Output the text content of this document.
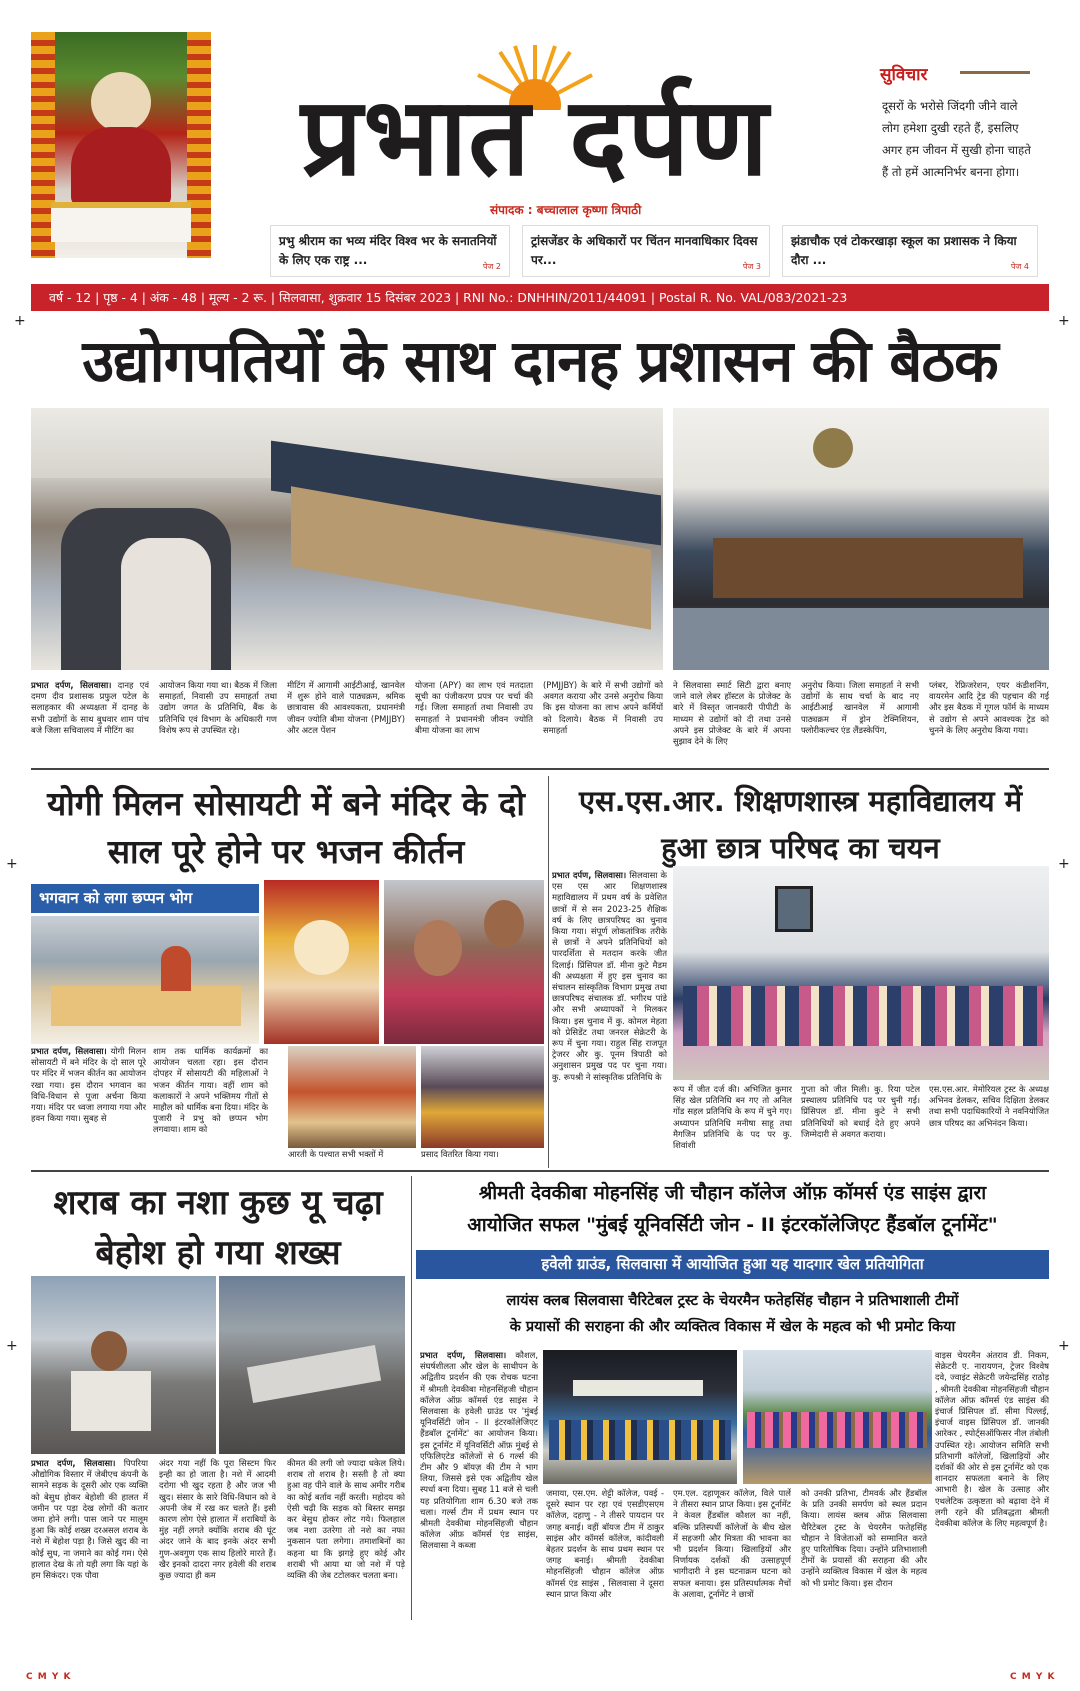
प्रभात दर्पण
संपादक : बच्चालाल कृष्णा त्रिपाठी
सुविचार
दूसरों के भरोसे जिंदगी जीने वाले लोग हमेशा दुखी रहते हैं, इसलिए अगर हम जीवन में सुखी होना चाहते हैं तो हमें आत्मनिर्भर बनना होगा।
प्रभु श्रीराम का भव्य मंदिर विश्व भर के सनातनियों के लिए एक राष्ट्र ...	पेज 2
ट्रांसजेंडर के अधिकारों पर चिंतन मानवाधिकार दिवस पर...	पेज 3
झंडाचौक एवं टोकरखाड़ा स्कूल का प्रशासक ने किया दौरा ...	पेज 4
वर्ष - 12 | पृष्ठ - 4 | अंक - 48 | मूल्य - 2 रू. | सिलवासा, शुक्रवार 15 दिसंबर 2023 | RNI No.: DNHHIN/2011/44091 | Postal R. No. VAL/083/2021-23
+	+
उद्योगपतियों के साथ दानह प्रशासन की बैठक
प्रभात दर्पण, सिलवासा। दानह एवं दमण दीव प्रशासक प्रफुल पटेल के सलाहकार की अध्यक्षता में दानह के सभी उद्योगों के साथ बुधवार शाम पांच बजे जिला सचिवालय में मीटिंग का
आयोजन किया गया था। बैठक में जिला समाहर्ता, निवासी उप समाहर्ता तथा उद्योग जगत के प्रतिनिधि, बैंक के प्रतिनिधि एवं विभाग के अधिकारी गण विशेष रूप से उपस्थित रहे।
मीटिंग में आगामी आईटीआई, खानवेल में शुरू होने वाले पाठ्यक्रम, श्रमिक छात्रावास की आवश्यकता, प्रधानमंत्री जीवन ज्योति बीमा योजना (PMJJBY) और अटल पेंशन
योजना (APY) का लाभ एवं मतदाता सूची का पंजीकरण प्रपत्र पर चर्चा की गई। जिला समाहर्ता तथा निवासी उप समाहर्ता ने प्रधानमंत्री जीवन ज्योति बीमा योजना का लाभ
(PMJJBY) के बारे में सभी उद्योगों को अवगत कराया और उनसे अनुरोध किया कि इस योजना का लाभ अपने कर्मियों को दिलाये। बैठक में निवासी उप समाहर्ता
ने सिलवासा स्मार्ट सिटी द्वारा बनाए जाने वाले लेबर हॉस्टल के प्रोजेक्ट के बारे में विस्तृत जानकारी पीपीटी के माध्यम से उद्योगों को दी तथा उनसे अपने इस प्रोजेक्ट के बारे में अपना सुझाव देने के लिए
अनुरोध किया। जिला समाहर्ता ने सभी उद्योगों के साथ चर्चा के बाद नए आईटीआई खानवेल में आगामी पाठ्यक्रम में ड्रोन टेक्निशियन, फ्लोरीकल्चर एंड लैंडस्केपिंग,
प्लंबर, रेफ्रिजरेशन, एयर कंडीशनिंग, वायरमेन आदि ट्रेड की पहचान की गई और इस बैठक में गूगल फॉर्म के माध्यम से उद्योग से अपने आवश्यक ट्रेड को चुनने के लिए अनुरोध किया गया।
योगी मिलन सोसायटी में बने मंदिर के दो साल पूरे होने पर भजन कीर्तन
+	+
भगवान को लगा छप्पन भोग
प्रभात दर्पण, सिलवासा। योगी मिलन सोसायटी में बने मंदिर के दो साल पूरे पर मंदिर में भजन कीर्तन का आयोजन रखा गया। इस दौरान भगवान का विधि-विधान से पूजा अर्चना किया गया। मंदिर पर ध्वजा लगाया गया और हवन किया गया। सुबह से
शाम तक धार्मिक कार्यक्रमों का आयोजन चलता रहा। इस दौरान दोपहर में सोसायटी की महिलाओं ने भजन कीर्तन गाया। वहीं शाम को कलाकारों ने अपने भक्तिमय गीतों से माहौल को धार्मिक बना दिया। मंदिर के पुजारी ने प्रभु को छप्पन भोग लगवाया। शाम को
आरती के पश्चात सभी भक्तों में	प्रसाद वितरित किया गया।
एस.एस.आर. शिक्षणशास्त्र महाविद्यालय में हुआ छात्र परिषद का चयन
प्रभात दर्पण, सिलवासा। सिलवासा के एस एस आर शिक्षणशास्त्र महाविद्यालय में प्रथम वर्ष के प्रवेशित छात्रों में से सन 2023-25 शैक्षिक वर्ष के लिए छात्रपरिषद का चुनाव किया गया। संपूर्ण लोकतांत्रिक तरीके से छात्रों ने अपने प्रतिनिधियों को पारदर्शिता से मतदान करके जीत दिलाई। प्रिंसिपल डॉ. मीना कुटे मैडम की अध्यक्षता में हुए इस चुनाव का संचालन सांस्कृतिक विभाग प्रमुख तथा छात्रपरिषद संचालक डॉ. भगीरथ पांडे और सभी अध्यापकों ने मिलकर किया। इस चुनाव में कु. कोमल मेहता को प्रेसिडेंट तथा जनरल सेक्रेटरी के रूप में चुना गया। राहुल सिंह राजपूत ट्रेजरर और कु. पूनम त्रिपाठी को अनुशासन प्रमुख पद पर चुना गया। कु. रूपश्री ने सांस्कृतिक प्रतिनिधि के
रूप में जीत दर्ज की। अभिजित कुमार सिंह खेल प्रतिनिधि बन गए तो अनिल गोंड सहल प्रतिनिधि के रूप में चुने गए। अध्यापन प्रतिनिधि मनीषा साहू तथा मैगजिन प्रतिनिधि के पद पर कु. शिवांशी
गुप्ता को जीत मिली। कु. रिया पटेल प्रस्थालय प्रतिनिधि पद पर चुनी गई। प्रिंसिपल डॉ. मीना कुटे ने सभी प्रतिनिधियों को बधाई देते हुए अपने जिम्मेदारी से अवगत कराया।
एस.एस.आर. मेमोरियल ट्रस्ट के अध्यक्ष अभिनव डेलकर, सचिव दिक्षिता डेलकर तथा सभी पदाधिकारियों ने नवनियोजित छात्र परिषद का अभिनंदन किया।
शराब का नशा कुछ यू चढ़ा बेहोश हो गया शख्स
+	+
प्रभात दर्पण, सिलवासा। पिपरिया औद्योगिक विस्तार में जेबीएच कंपनी के सामने सड़क के दूसरी ओर एक व्यक्ति को बेसुध होकर बेहोशी की हालत में जमीन पर पड़ा देख लोगों की कतार जमा होने लगी। पास जाने पर मालूम हुआ कि कोई शख्स दरअसल शराब के नशे में बेहोश पड़ा है। जिसे खुद की ना कोई सुध, ना जमाने का कोई गम। ऐसे हालात देख के तो यही लगा कि यहां के हम सिकंदर। एक पौवा
अंदर गया नहीं कि पूरा सिस्टम फिर इन्ही का हो जाता है। नशे में आदमी दरोगा भी खुद रहता है और जज भी खुद। संसार के सारे विधि-विधान को वे अपनी जेब में रख कर चलते हैं। इसी कारण लोग ऐसे हालात में शराबियों के मुंह नहीं लगते क्योंकि शराब की घूंट अंदर जाने के बाद इनके अंदर सभी गुण-अवगुण एक साथ हिलोरे मारते हैं। खैर इनको दादरा नगर हवेली की शराब कुछ ज्यादा ही कम
कीमत की लगी जो ज्यादा धकेल लिये। शराब तो शराब है। सस्ती है तो क्या हुआ वह पीने वाले के साथ अमीर गरीब का कोई बर्ताव नहीं करती। महोदय को ऐसी चढ़ी कि सड़क को बिस्तर समझ कर बेसुध होकर लोट गये। फिलहाल जब नशा उतरेगा तो नशे का नफा नुकसान पता लगेगा। तमाशबिनों का कहना था कि झगड़े हुए कोई और शराबी भी आया था जो नशे में पड़े व्यक्ति की जेब टटोलकर चलता बना।
श्रीमती देवकीबा मोहनसिंह जी चौहान कॉलेज ऑफ़ कॉमर्स एंड साइंस द्वारा
आयोजित सफल "मुंबई यूनिवर्सिटी जोन - II इंटरकॉलेजिएट हैंडबॉल टूर्नामेंट"
हवेली ग्राउंड, सिलवासा में आयोजित हुआ यह यादगार खेल प्रतियोगिता
लायंस क्लब सिलवासा चैरिटेबल ट्रस्ट के चेयरमैन फतेहसिंह चौहान ने प्रतिभाशाली टीमों
के प्रयासों की सराहना की और व्यक्तित्व विकास में खेल के महत्व को भी प्रमोट किया
प्रभात दर्पण, सिलवासा। कौशल, संघर्षशीलता और खेल के साथीपन के अद्वितीय प्रदर्शन की एक रोचक घटना में श्रीमती देवकीबा मोहनसिंहजी चौहान कॉलेज ऑफ़ कॉमर्स एंड साइंस ने सिलवासा के हवेली ग्राउंड पर 'मुंबई यूनिवर्सिटी जोन - II इंटरकॉलेजिएट हैंडबॉल टूर्नामेंट' का आयोजन किया। इस टूर्नामेंट में यूनिवर्सिटी ऑफ़ मुंबई से एफिलिएटेड कॉलेजों से 6 गर्ल्स की टीम और 9 बॉयज़ की टीम ने भाग लिया, जिससे इसे एक अद्वितीय खेल स्पर्धा बना दिया। सुबह 11 बजे से चली यह प्रतियोगिता शाम 6.30 बजे तक चला। गर्ल्स टीम में प्रथम स्थान पर श्रीमती देवकीबा मोहनसिंहजी चौहान कॉलेज ऑफ़ कॉमर्स एंड साइंस, सिलवासा ने कब्जा
वाइस चेयरमैन अंतराव डी. निकम, सेक्रेटरी ए. नारायणन, ट्रेजर विश्वेष दवे, ज्वाइंट सेक्रेटरी जयेन्द्रसिंह राठोड़ , श्रीमती देवकीबा मोहनसिंहजी चौहान कॉलेज ऑफ़ कॉमर्स एंड साइंस की इंचार्ज प्रिंसिपल डॉ. सीमा पिल्लई, इंचार्ज वाइस प्रिंसिपल डॉ. जानकी आरेकर , स्पोर्ट्सऑफिसर नील तंबोली उपस्थित रहे। आयोजन समिति सभी प्रतिभागी कॉलेजों, खिलाड़ियों और दर्शकों की ओर से इस टूर्नामेंट को एक शानदार सफलता बनाने के लिए आभारी है। खेल के उत्साह और एथलेटिक उत्कृष्टता को बढ़ावा देने में लगी रहने की प्रतिबद्धता श्रीमती देवकीबा कॉलेज के लिए महत्वपूर्ण है।
जमाया, एस.एम. शेट्टी कॉलेज, पवई - दूसरे स्थान पर रहा एवं एसडीएसएम कॉलेज, दहाणु - ने तीसरे पायदान पर जगह बनाई। वहीं बॉयज टीम में ठाकुर साइंस और कॉमर्स कॉलेज, कांदीवली बेहतर प्रदर्शन के साथ प्रथम स्थान पर जगह बनाई। श्रीमती देवकीबा मोहनसिंहजी चौहान कॉलेज ऑफ़ कॉमर्स एंड साइंस , सिलवासा ने दूसरा स्थान प्राप्त किया और
एम.एल. दहाणूकर कॉलेज, विले पार्ले ने तीसरा स्थान प्राप्त किया। इस टूर्नामेंट ने केवल हैंडबॉल कौशल का नहीं, बल्कि प्रतिस्पर्धी कॉलेजों के बीच खेल में सहजगी और मित्रता की भावना का भी प्रदर्शन किया। खिलाड़ियों और निर्णायक दर्शकों की उत्साहपूर्ण भागीदारी ने इस घटनाक्रम घटना को सफल बनाया। इस प्रतिस्पर्धात्मक मैचों के अलावा, टूर्नामेंट ने छात्रों
को उनकी प्रतिभा, टीमवर्क और हैंडबॉल के प्रति उनकी समर्पण को स्थल प्रदान किया। लायंस क्लब ऑफ़ सिलवासा चैरिटेबल ट्रस्ट के चेयरमैन फतेहसिंह चौहान ने विजेताओं को सम्मानित करते हुए पारितोषिक दिया। उन्होंने प्रतिभाशाली टीमों के प्रयासों की सराहना की और उन्होंने व्यक्तित्व विकास में खेल के महत्व को भी प्रमोट किया। इस दौरान
C M Y K	C M Y K
